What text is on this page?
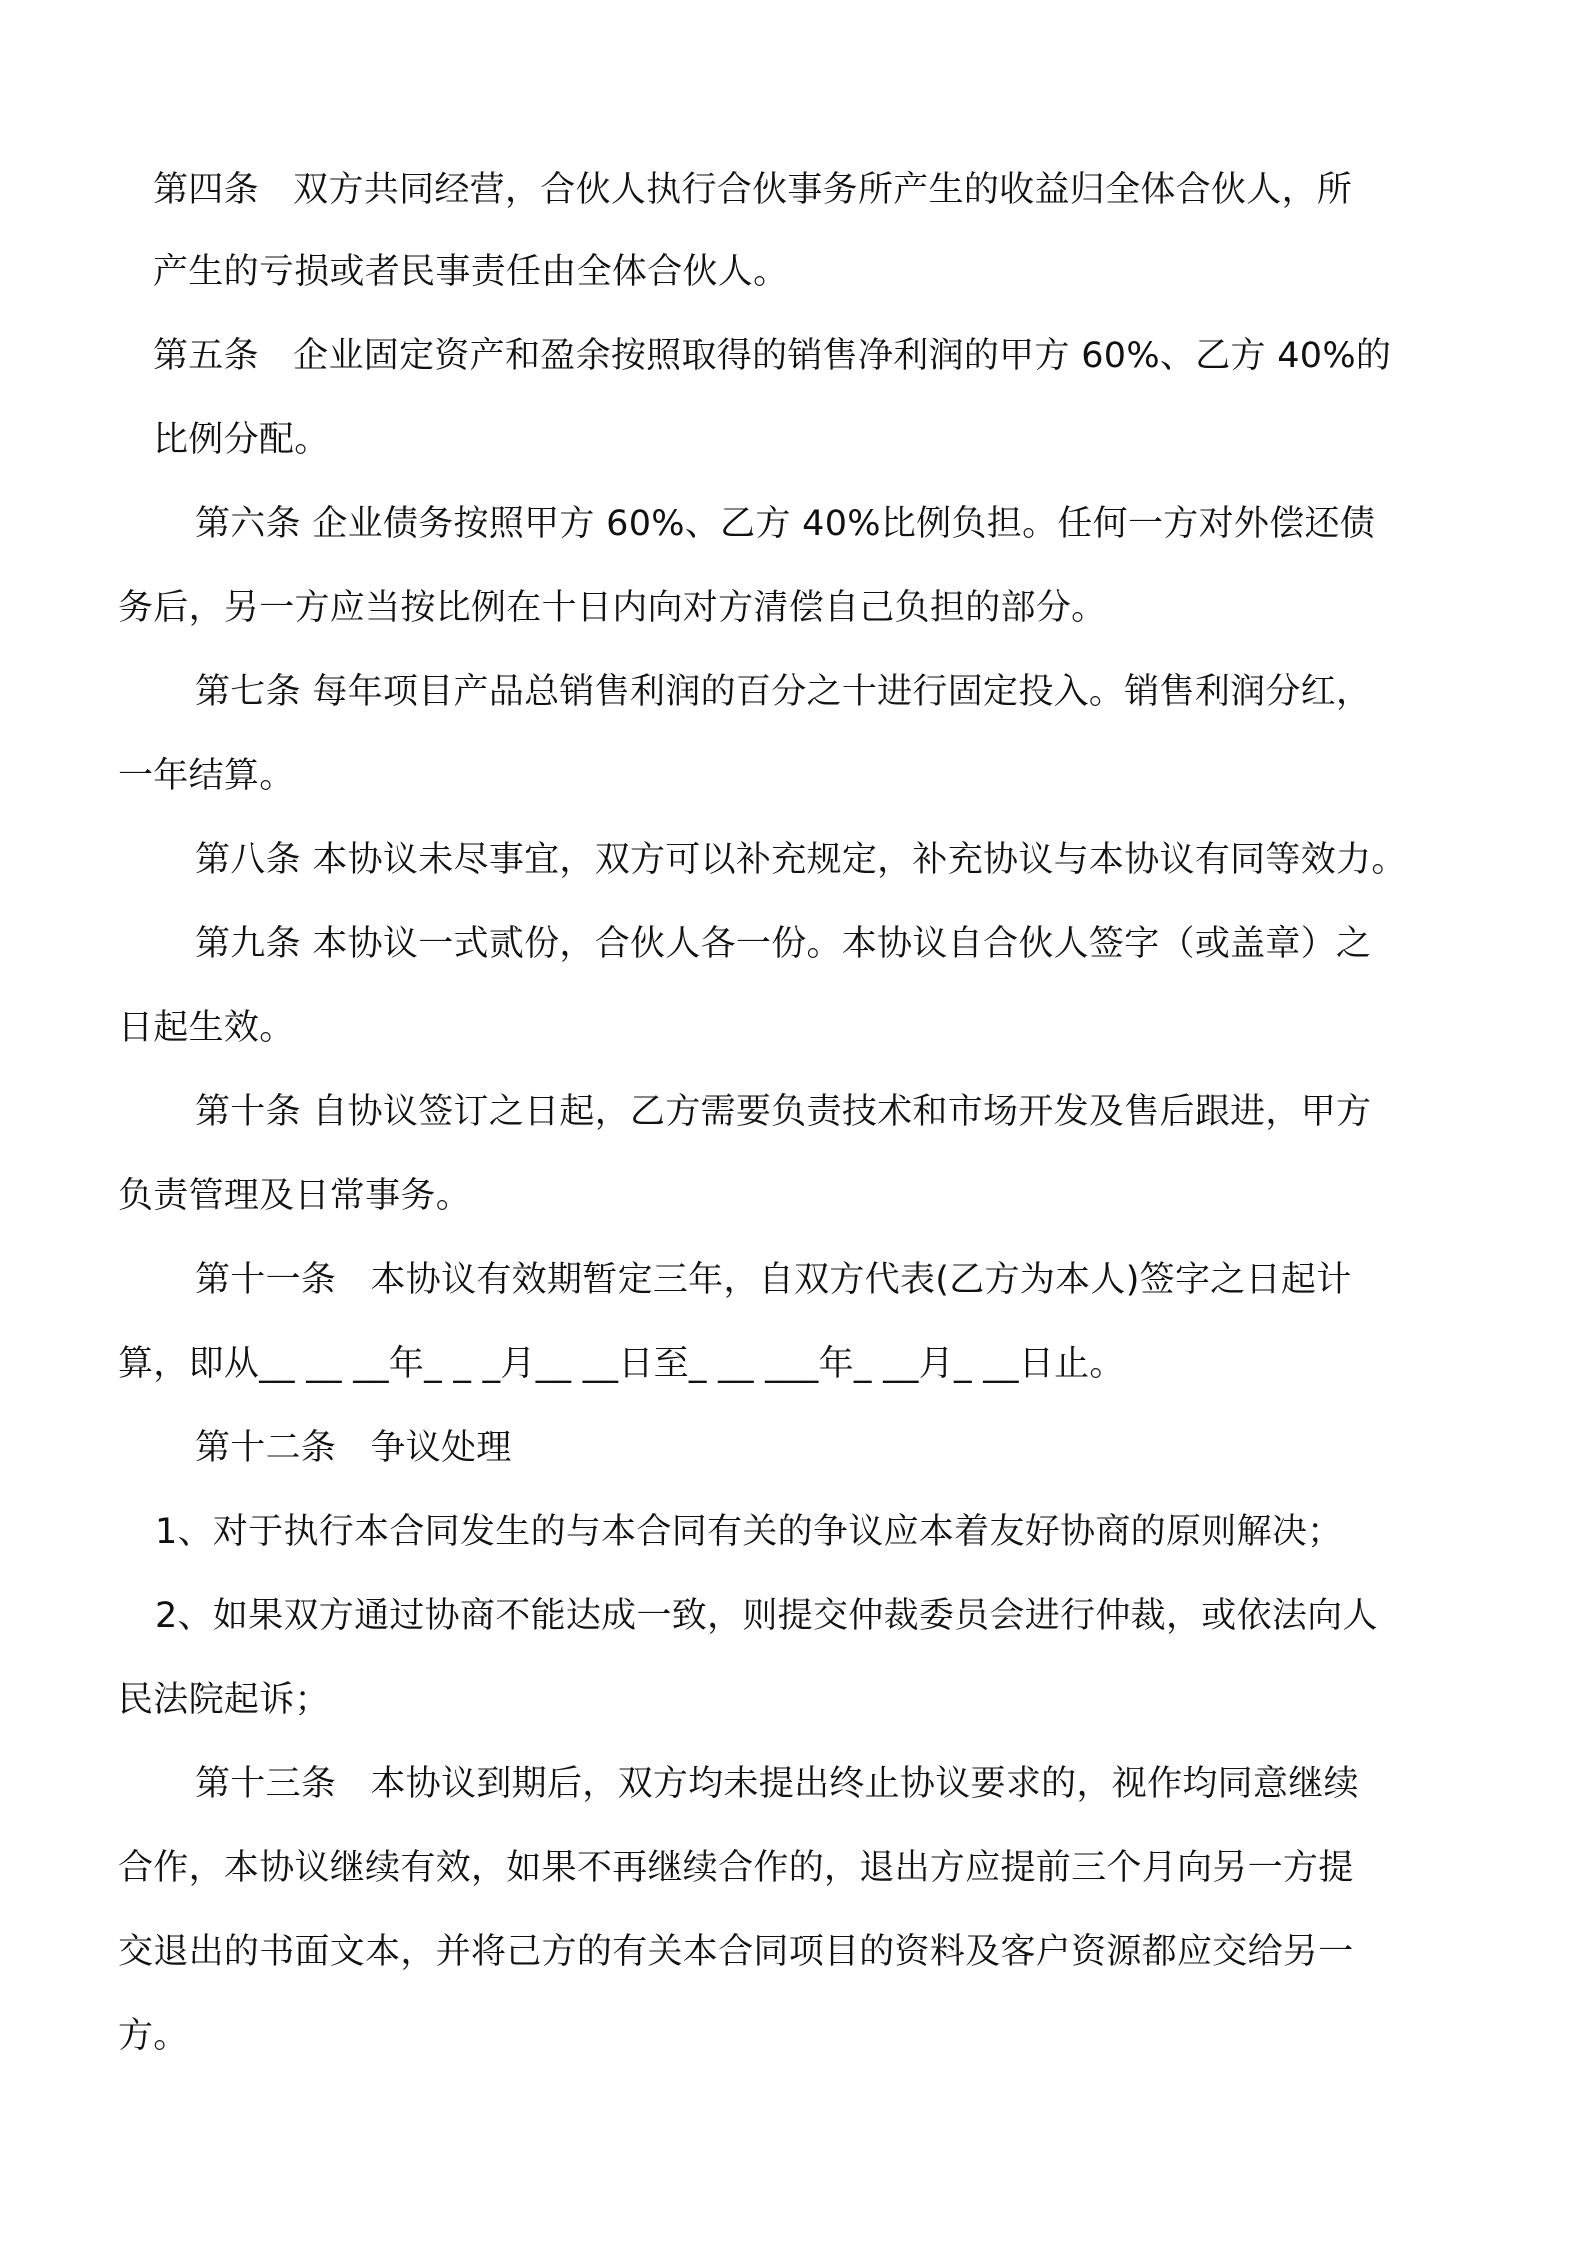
第四条   双方共同经营，合伙人执行合伙事务所产生的收益归全体合伙人，所

产生的亏损或者民事责任由全体合伙人。

第五条   企业固定资产和盈余按照取得的销售净利润的甲方 60%、乙方 40%的

比例分配。

第六条 企业债务按照甲方 60%、乙方 40%比例负担。任何一方对外偿还债

务后，另一方应当按比例在十日内向对方清偿自己负担的部分。

第七条 每年项目产品总销售利润的百分之十进行固定投入。销售利润分红，

一年结算。

第八条 本协议未尽事宜，双方可以补充规定，补充协议与本协议有同等效力。

第九条 本协议一式贰份，合伙人各一份。本协议自合伙人签字（或盖章）之

日起生效。

第十条 自协议签订之日起，乙方需要负责技术和市场开发及售后跟进，甲方

负责管理及日常事务。

第十一条   本协议有效期暂定三年，自双方代表(乙方为本人)签字之日起计

算，即从__ __ __年_ _ _月__ __日至_ __ ___年_ __月_ __日止。

第十二条   争议处理

1、对于执行本合同发生的与本合同有关的争议应本着友好协商的原则解决；

2、如果双方通过协商不能达成一致，则提交仲裁委员会进行仲裁，或依法向人

民法院起诉；

第十三条   本协议到期后，双方均未提出终止协议要求的，视作均同意继续

合作，本协议继续有效，如果不再继续合作的，退出方应提前三个月向另一方提

交退出的书面文本，并将己方的有关本合同项目的资料及客户资源都应交给另一

方。
